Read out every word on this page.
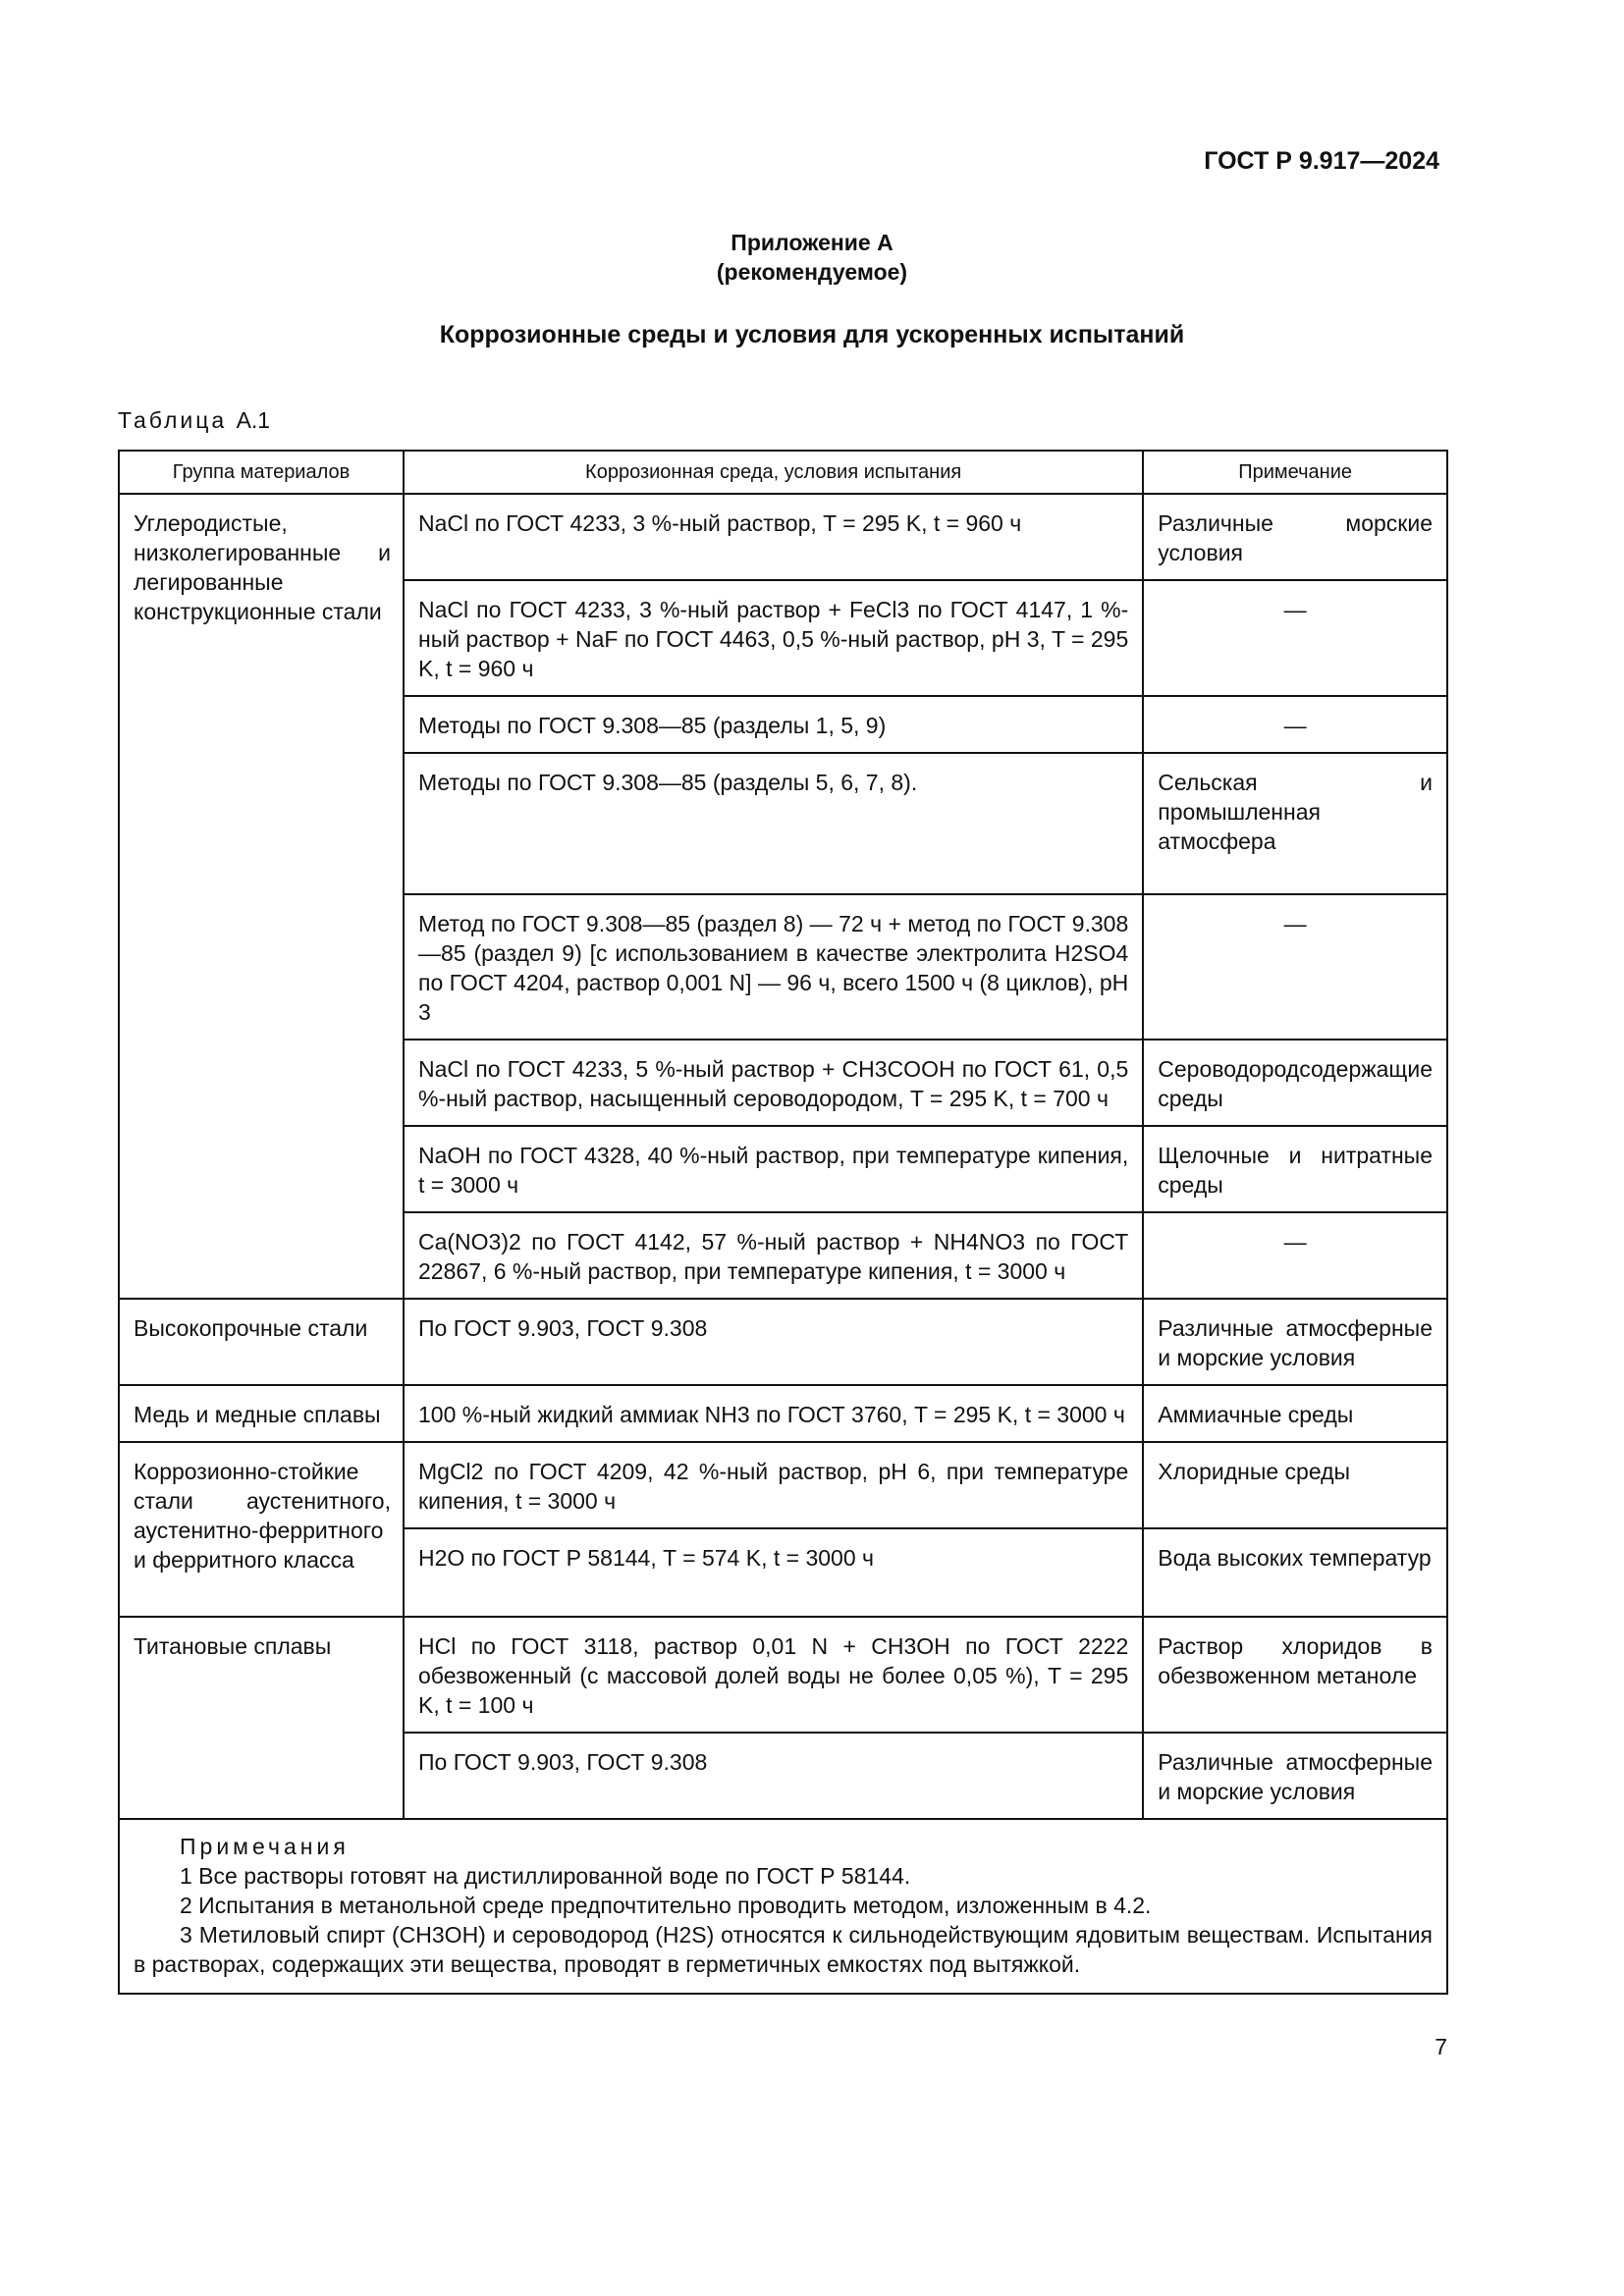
ГОСТ Р 9.917—2024
Приложение А
(рекомендуемое)
Коррозионные среды и условия для ускоренных испытаний
Таблица А.1
Группа материалов	Коррозионная среда, условия испытания	Примечание
Углеродистые, низколегированные и легированные конструкционные стали	NaCl по ГОСТ 4233, 3 %-ный раствор, T = 295 K, t = 960 ч	Различные морские условия
	NaCl по ГОСТ 4233, 3 %-ный раствор + FeCl3 по ГОСТ 4147, 1 %-ный раствор + NaF по ГОСТ 4463, 0,5 %-ный раствор, pH 3, T = 295 K, t = 960 ч	—
	Методы по ГОСТ 9.308—85 (разделы 1, 5, 9)	—
	Методы по ГОСТ 9.308—85 (разделы 5, 6, 7, 8).	Сельская и промышленная атмосфера
	Метод по ГОСТ 9.308—85 (раздел 8) — 72 ч + метод по ГОСТ 9.308—85 (раздел 9) [с использованием в качестве электролита H2SO4 по ГОСТ 4204, раствор 0,001 N] — 96 ч, всего 1500 ч (8 циклов), pH 3	—
	NaCl по ГОСТ 4233, 5 %-ный раствор + CH3COOH по ГОСТ 61, 0,5 %-ный раствор, насыщенный сероводородом, T = 295 K, t = 700 ч	Сероводородсодержащие среды
	NaOH по ГОСТ 4328, 40 %-ный раствор, при температуре кипения, t = 3000 ч	Щелочные и нитратные среды
	Ca(NO3)2 по ГОСТ 4142, 57 %-ный раствор + NH4NO3 по ГОСТ 22867, 6 %-ный раствор, при температуре кипения, t = 3000 ч	—
Высокопрочные стали	По ГОСТ 9.903, ГОСТ 9.308	Различные атмосферные и морские условия
Медь и медные сплавы	100 %-ный жидкий аммиак NH3 по ГОСТ 3760, T = 295 K, t = 3000 ч	Аммиачные среды
Коррозионно-стойкие стали аустенитного, аустенитно-ферритного и ферритного класса	MgCl2 по ГОСТ 4209, 42 %-ный раствор, pH 6, при температуре кипения, t = 3000 ч	Хлоридные среды
	H2O по ГОСТ Р 58144, T = 574 K, t = 3000 ч	Вода высоких температур
Титановые сплавы	HCl по ГОСТ 3118, раствор 0,01 N + CH3OH по ГОСТ 2222 обезвоженный (с массовой долей воды не более 0,05 %), T = 295 K, t = 100 ч	Раствор хлоридов в обезвоженном метаноле
	По ГОСТ 9.903, ГОСТ 9.308	Различные атмосферные и морские условия

Примечания
1 Все растворы готовят на дистиллированной воде по ГОСТ Р 58144.
2 Испытания в метанольной среде предпочтительно проводить методом, изложенным в 4.2.
3 Метиловый спирт (CH3OH) и сероводород (H2S) относятся к сильнодействующим ядовитым веществам. Испытания в растворах, содержащих эти вещества, проводят в герметичных емкостях под вытяжкой.		
7
